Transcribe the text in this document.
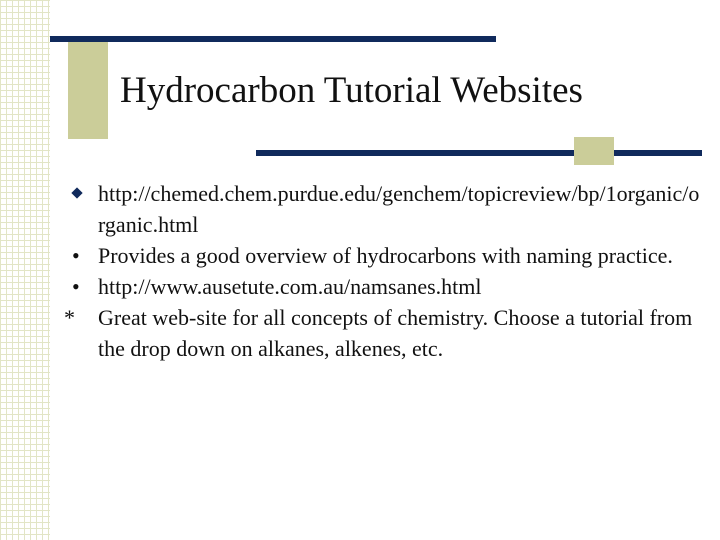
Hydrocarbon Tutorial Websites

http://chemed.chem.purdue.edu/genchem/topicreview/bp/1organic/organic.html

• Provides a good overview of hydrocarbons with naming practice.

• http://www.ausetute.com.au/namsanes.html

* Great web-site for all concepts of chemistry. Choose a tutorial from the drop down on alkanes, alkenes, etc.
